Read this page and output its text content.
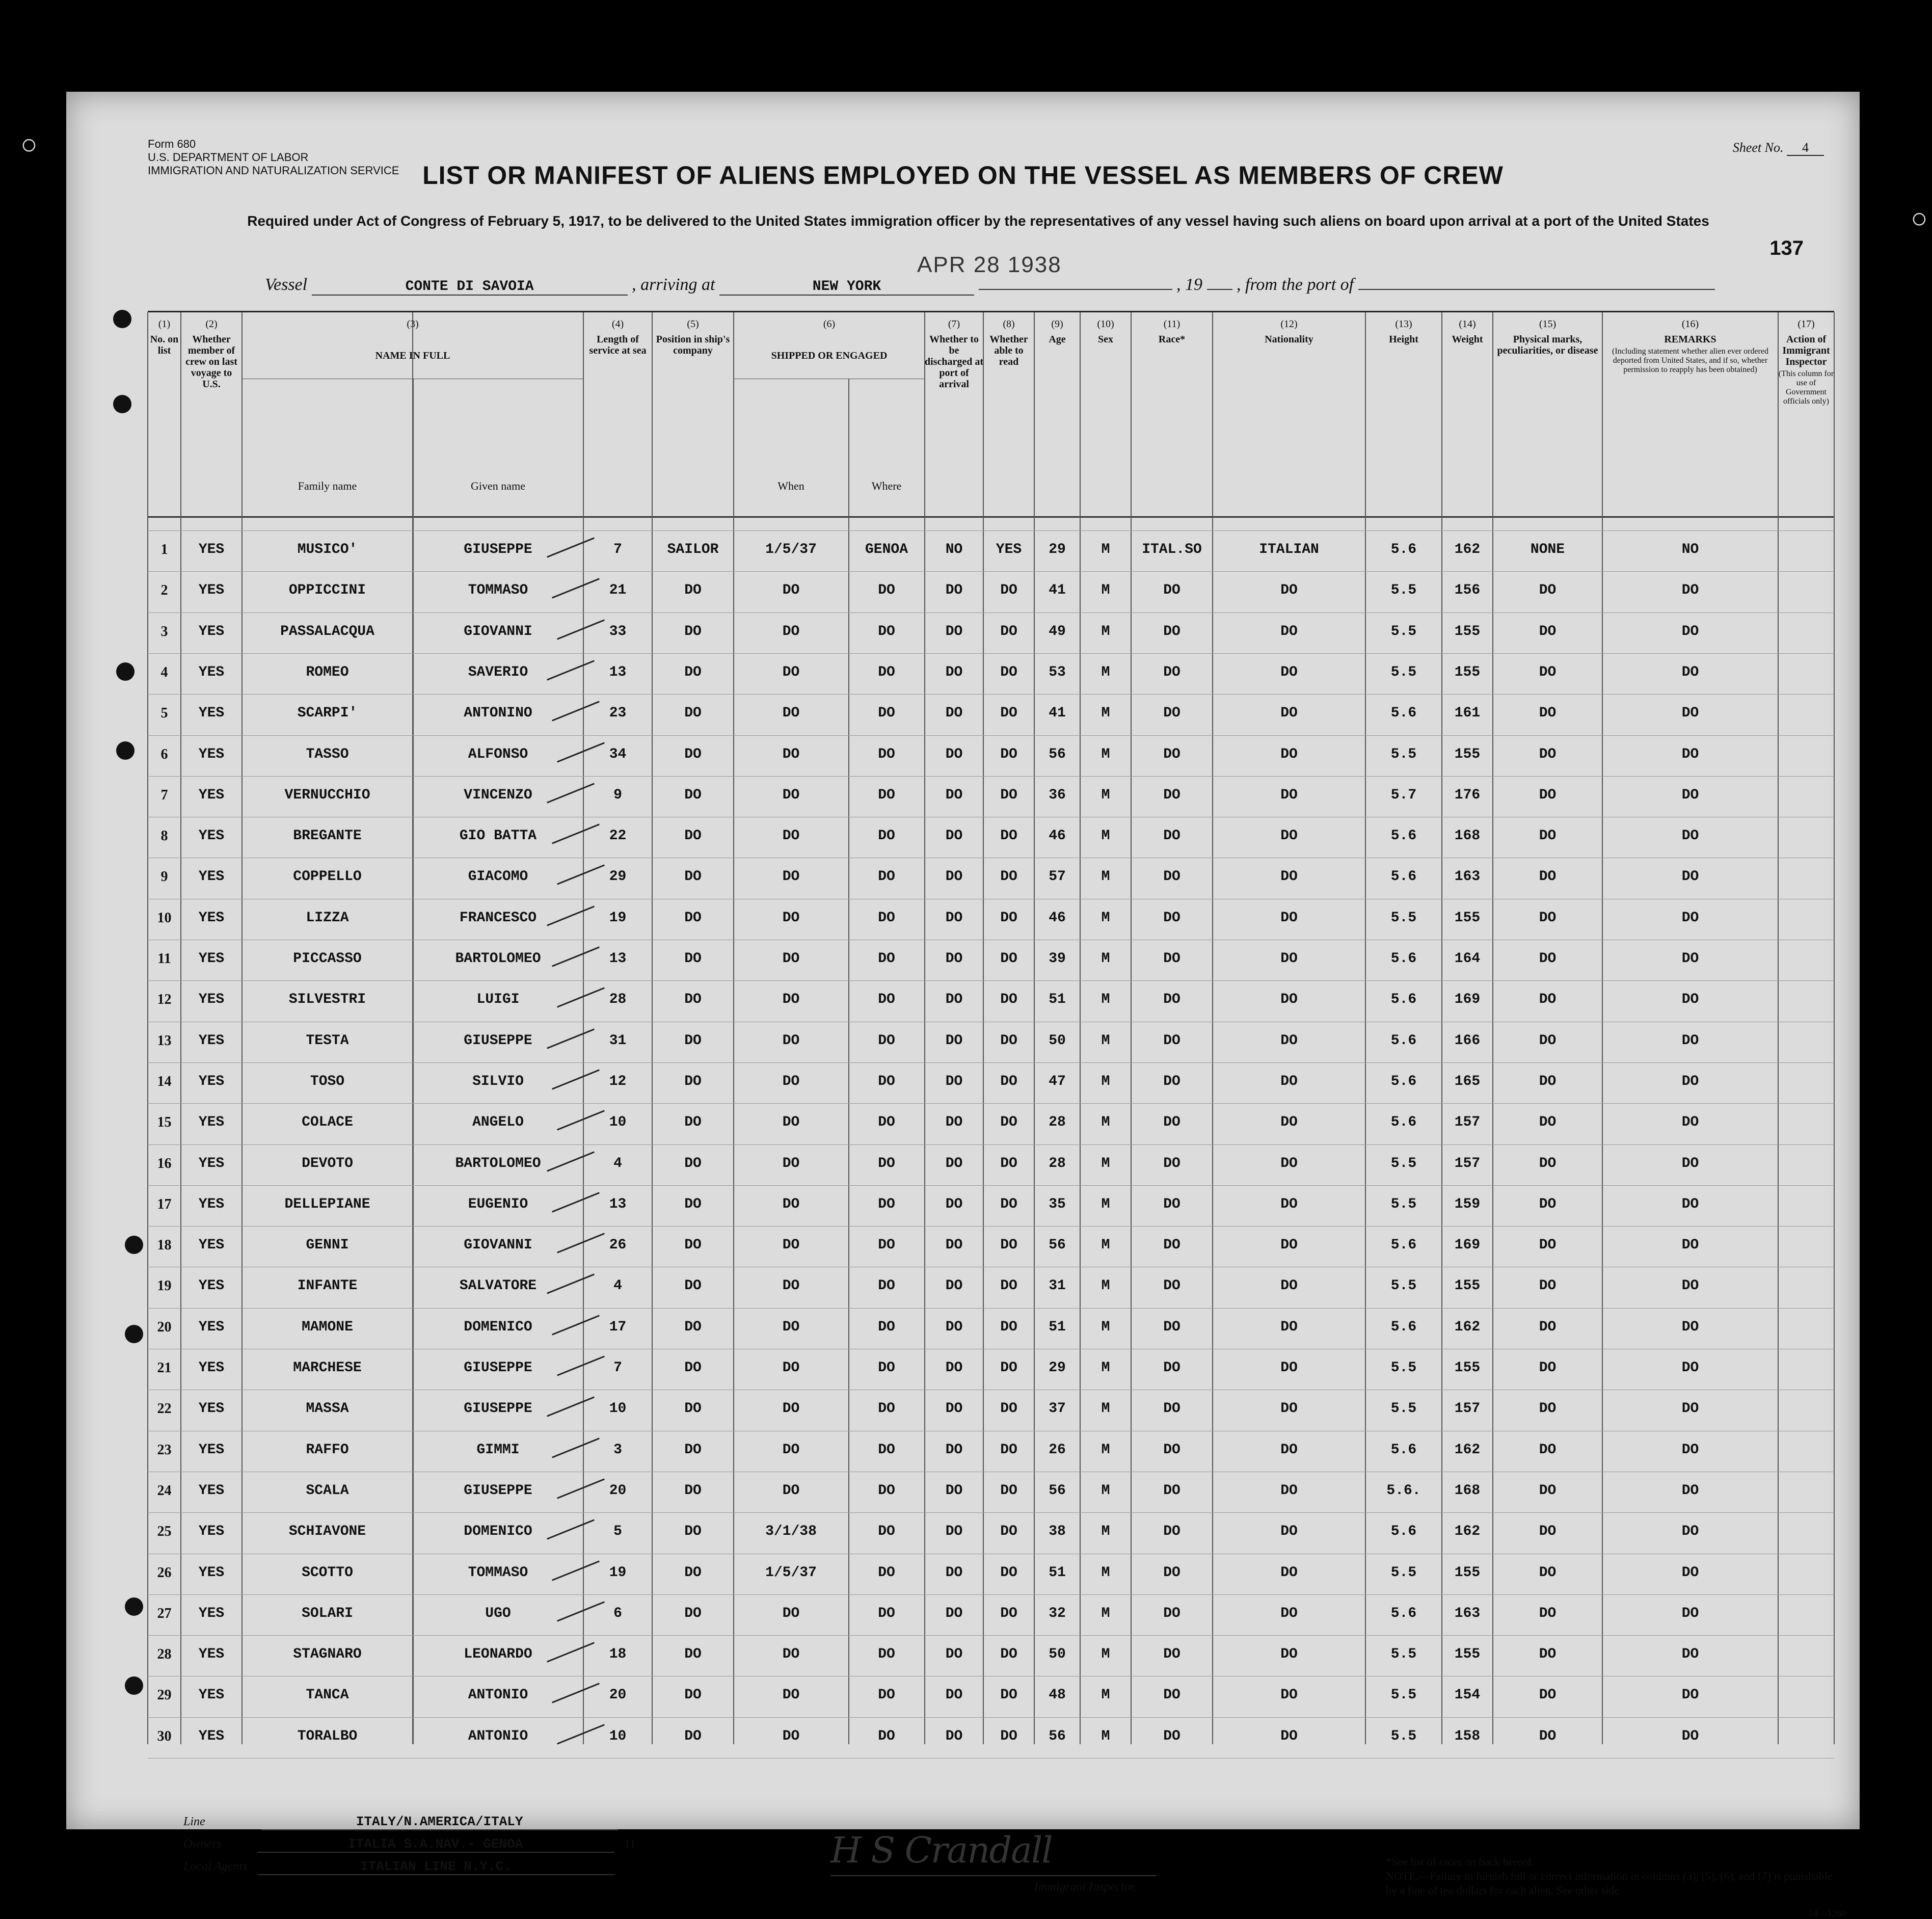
Form 680
U.S. DEPARTMENT OF LABOR
IMMIGRATION AND NATURALIZATION SERVICE
Sheet No. 4
LIST OR MANIFEST OF ALIENS EMPLOYED ON THE VESSEL AS MEMBERS OF CREW
Required under Act of Congress of February 5, 1917, to be delivered to the United States immigration officer by the representatives of any vessel having such aliens on board upon arrival at a port of the United States
137
APR 28 1938
Vessel	CONTE DI SAVOIA	, arriving at	NEW YORK	, 19 , from the port of
(1)
No. on list
(2)
Whether member of crew on last voyage to U.S.
(3)
NAME IN FULL
Family name	Given name
(4)
Length of service at sea
(5)
Position in ship's company
(6)
SHIPPED OR ENGAGED
When	Where
(7)
Whether to be discharged at port of arrival
(8)
Whether able to read
(9)
Age
(10)
Sex
(11)
Race*
(12)
Nationality
(13)
Height
(14)
Weight
(15)
Physical marks, peculiarities, or disease
(16)
REMARKS
(Including statement whether alien ever ordered deported from United States, and if so, whether permission to reapply has been obtained)
(17)
Action of Immigrant Inspector
(This column for use of Government officials only)
1	YES	MUSICO'	GIUSEPPE	7	SAILOR	1/5/37	GENOA	NO	YES	29	M	ITAL.SO	ITALIAN	5.6	162	NONE	NO
2	YES	OPPICCINI	TOMMASO	21	DO	DO	DO	DO	DO	41	M	DO	DO	5.5	156	DO	DO
3	YES	PASSALACQUA	GIOVANNI	33	DO	DO	DO	DO	DO	49	M	DO	DO	5.5	155	DO	DO
4	YES	ROMEO	SAVERIO	13	DO	DO	DO	DO	DO	53	M	DO	DO	5.5	155	DO	DO
5	YES	SCARPI'	ANTONINO	23	DO	DO	DO	DO	DO	41	M	DO	DO	5.6	161	DO	DO
6	YES	TASSO	ALFONSO	34	DO	DO	DO	DO	DO	56	M	DO	DO	5.5	155	DO	DO
7	YES	VERNUCCHIO	VINCENZO	9	DO	DO	DO	DO	DO	36	M	DO	DO	5.7	176	DO	DO
8	YES	BREGANTE	GIO BATTA	22	DO	DO	DO	DO	DO	46	M	DO	DO	5.6	168	DO	DO
9	YES	COPPELLO	GIACOMO	29	DO	DO	DO	DO	DO	57	M	DO	DO	5.6	163	DO	DO
10	YES	LIZZA	FRANCESCO	19	DO	DO	DO	DO	DO	46	M	DO	DO	5.5	155	DO	DO
11	YES	PICCASSO	BARTOLOMEO	13	DO	DO	DO	DO	DO	39	M	DO	DO	5.6	164	DO	DO
12	YES	SILVESTRI	LUIGI	28	DO	DO	DO	DO	DO	51	M	DO	DO	5.6	169	DO	DO
13	YES	TESTA	GIUSEPPE	31	DO	DO	DO	DO	DO	50	M	DO	DO	5.6	166	DO	DO
14	YES	TOSO	SILVIO	12	DO	DO	DO	DO	DO	47	M	DO	DO	5.6	165	DO	DO
15	YES	COLACE	ANGELO	10	DO	DO	DO	DO	DO	28	M	DO	DO	5.6	157	DO	DO
16	YES	DEVOTO	BARTOLOMEO	4	DO	DO	DO	DO	DO	28	M	DO	DO	5.5	157	DO	DO
17	YES	DELLEPIANE	EUGENIO	13	DO	DO	DO	DO	DO	35	M	DO	DO	5.5	159	DO	DO
18	YES	GENNI	GIOVANNI	26	DO	DO	DO	DO	DO	56	M	DO	DO	5.6	169	DO	DO
19	YES	INFANTE	SALVATORE	4	DO	DO	DO	DO	DO	31	M	DO	DO	5.5	155	DO	DO
20	YES	MAMONE	DOMENICO	17	DO	DO	DO	DO	DO	51	M	DO	DO	5.6	162	DO	DO
21	YES	MARCHESE	GIUSEPPE	7	DO	DO	DO	DO	DO	29	M	DO	DO	5.5	155	DO	DO
22	YES	MASSA	GIUSEPPE	10	DO	DO	DO	DO	DO	37	M	DO	DO	5.5	157	DO	DO
23	YES	RAFFO	GIMMI	3	DO	DO	DO	DO	DO	26	M	DO	DO	5.6	162	DO	DO
24	YES	SCALA	GIUSEPPE	20	DO	DO	DO	DO	DO	56	M	DO	DO	5.6.	168	DO	DO
25	YES	SCHIAVONE	DOMENICO	5	DO	3/1/38	DO	DO	DO	38	M	DO	DO	5.6	162	DO	DO
26	YES	SCOTTO	TOMMASO	19	DO	1/5/37	DO	DO	DO	51	M	DO	DO	5.5	155	DO	DO
27	YES	SOLARI	UGO	6	DO	DO	DO	DO	DO	32	M	DO	DO	5.6	163	DO	DO
28	YES	STAGNARO	LEONARDO	18	DO	DO	DO	DO	DO	50	M	DO	DO	5.5	155	DO	DO
29	YES	TANCA	ANTONIO	20	DO	DO	DO	DO	DO	48	M	DO	DO	5.5	154	DO	DO
30	YES	TORALBO	ANTONIO	10	DO	DO	DO	DO	DO	56	M	DO	DO	5.5	158	DO	DO
Line	ITALY/N.AMERICA/ITALY
Owners	ITALIA S.A.NAV.- GENOA	11
Local Agents	ITALIAN LINE N.Y.C.	H S Crandall
Immigrant Inspector.
*See list of races on back hereof.
NOTE.—Failure to furnish full or correct information in columns (3), (5), (6), and (7) is punishable by a fine of ten dollars for each alien. See other side.
14—1260
○
○
